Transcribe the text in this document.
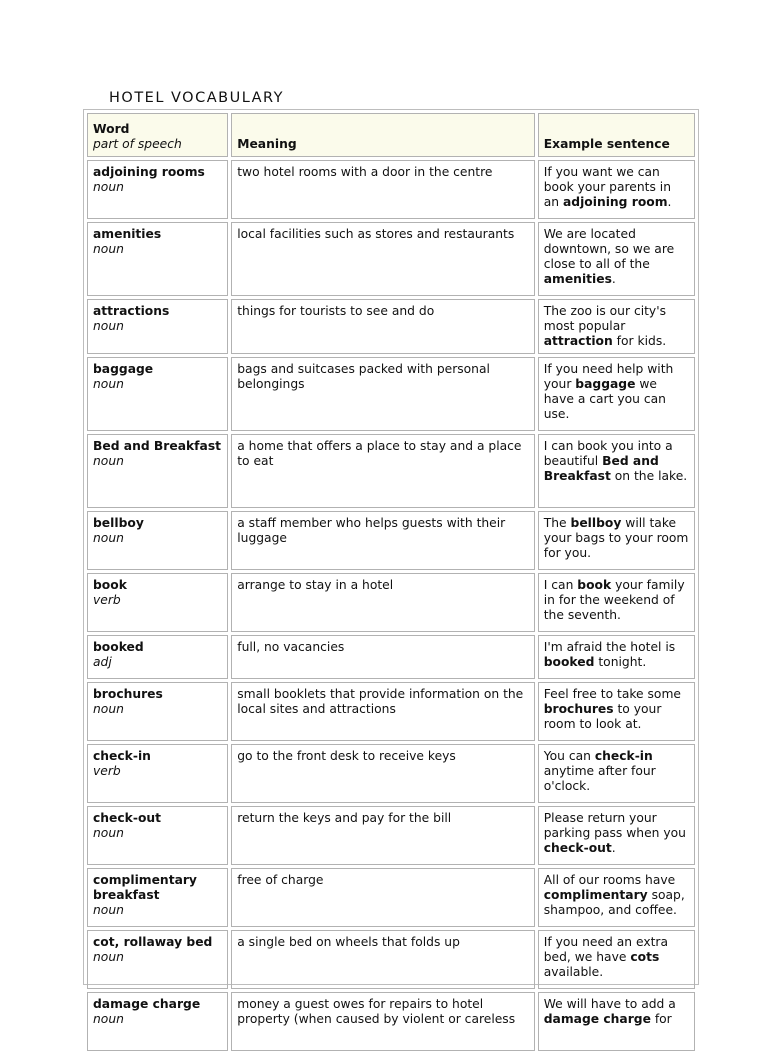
HOTEL VOCABULARY
Word
part of speech	Meaning	Example sentence

adjoining rooms
noun	two hotel rooms with a door in the centre	If you want we can book your parents in an adjoining room.

amenities
noun	local facilities such as stores and restaurants	We are located downtown, so we are close to all of the amenities.

attractions
noun	things for tourists to see and do	The zoo is our city's most popular attraction for kids.

baggage
noun	bags and suitcases packed with personal belongings	If you need help with your baggage we have a cart you can use.

Bed and Breakfast
noun	a home that offers a place to stay and a place to eat	I can book you into a beautiful Bed and Breakfast on the lake.

bellboy
noun	a staff member who helps guests with their luggage	The bellboy will take your bags to your room for you.

book
verb	arrange to stay in a hotel	I can book your family in for the weekend of the seventh.

booked
adj	full, no vacancies	I'm afraid the hotel is booked tonight.

brochures
noun	small booklets that provide information on the local sites and attractions	Feel free to take some brochures to your room to look at.

check-in
verb	go to the front desk to receive keys	You can check-in anytime after four o'clock.

check-out
noun	return the keys and pay for the bill	Please return your parking pass when you check-out.

complimentary breakfast
noun	free of charge	All of our rooms have complimentary soap, shampoo, and coffee.

cot, rollaway bed
noun	a single bed on wheels that folds up	If you need an extra bed, we have cots available.

damage charge
noun	money a guest owes for repairs to hotel property (when caused by violent or careless	We will have to add a damage charge for
